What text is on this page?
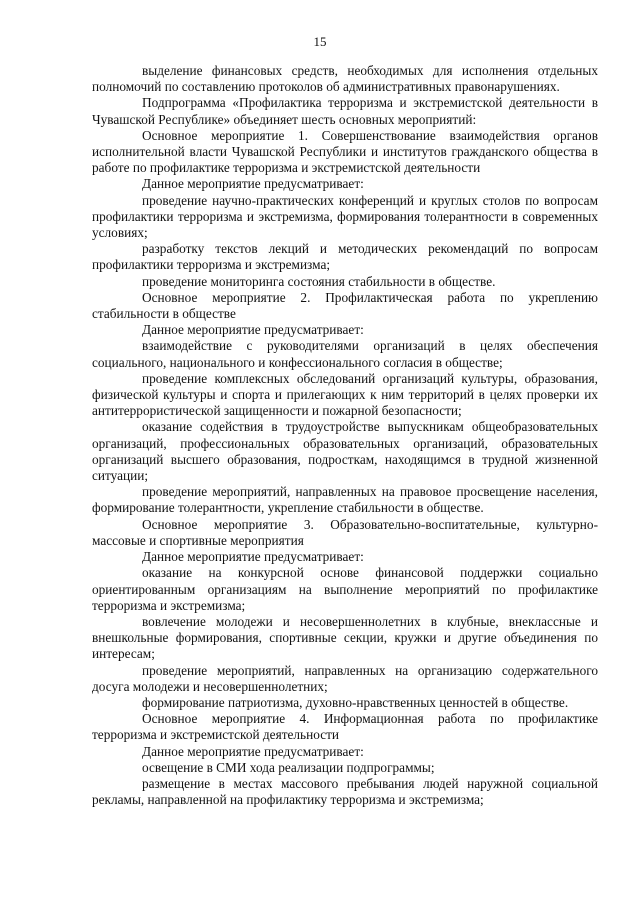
15

выделение финансовых средств, необходимых для исполнения отдельных полномочий по составлению протоколов об административных правонарушениях.

Подпрограмма «Профилактика терроризма и экстремистской деятельности в Чувашской Республике» объединяет шесть основных мероприятий:

Основное мероприятие 1. Совершенствование взаимодействия органов исполнительной власти Чувашской Республики и институтов гражданского общества в работе по профилактике терроризма и экстремистской деятельности

Данное мероприятие предусматривает:

проведение научно-практических конференций и круглых столов по вопросам профилактики терроризма и экстремизма, формирования толерантности в современных условиях;

разработку текстов лекций и методических рекомендаций по вопросам профилактики терроризма и экстремизма;

проведение мониторинга состояния стабильности в обществе.

Основное мероприятие 2. Профилактическая работа по укреплению стабильности в обществе

Данное мероприятие предусматривает:

взаимодействие с руководителями организаций в целях обеспечения социального, национального и конфессионального согласия в обществе;

проведение комплексных обследований организаций культуры, образования, физической культуры и спорта и прилегающих к ним территорий в целях проверки их антитеррористической защищенности и пожарной безопасности;

оказание содействия в трудоустройстве выпускникам общеобразовательных организаций, профессиональных образовательных организаций, образовательных организаций высшего образования, подросткам, находящимся в трудной жизненной ситуации;

проведение мероприятий, направленных на правовое просвещение населения, формирование толерантности, укрепление стабильности в обществе.

Основное мероприятие 3. Образовательно-воспитательные, культурно-массовые и спортивные мероприятия

Данное мероприятие предусматривает:

оказание на конкурсной основе финансовой поддержки социально ориентированным организациям на выполнение мероприятий по профилактике терроризма и экстремизма;

вовлечение молодежи и несовершеннолетних в клубные, внеклассные и внешкольные формирования, спортивные секции, кружки и другие объединения по интересам;

проведение мероприятий, направленных на организацию содержательного досуга молодежи и несовершеннолетних;

формирование патриотизма, духовно-нравственных ценностей в обществе.

Основное мероприятие 4. Информационная работа по профилактике терроризма и экстремистской деятельности

Данное мероприятие предусматривает:

освещение в СМИ хода реализации подпрограммы;

размещение в местах массового пребывания людей наружной социальной рекламы, направленной на профилактику терроризма и экстремизма;
